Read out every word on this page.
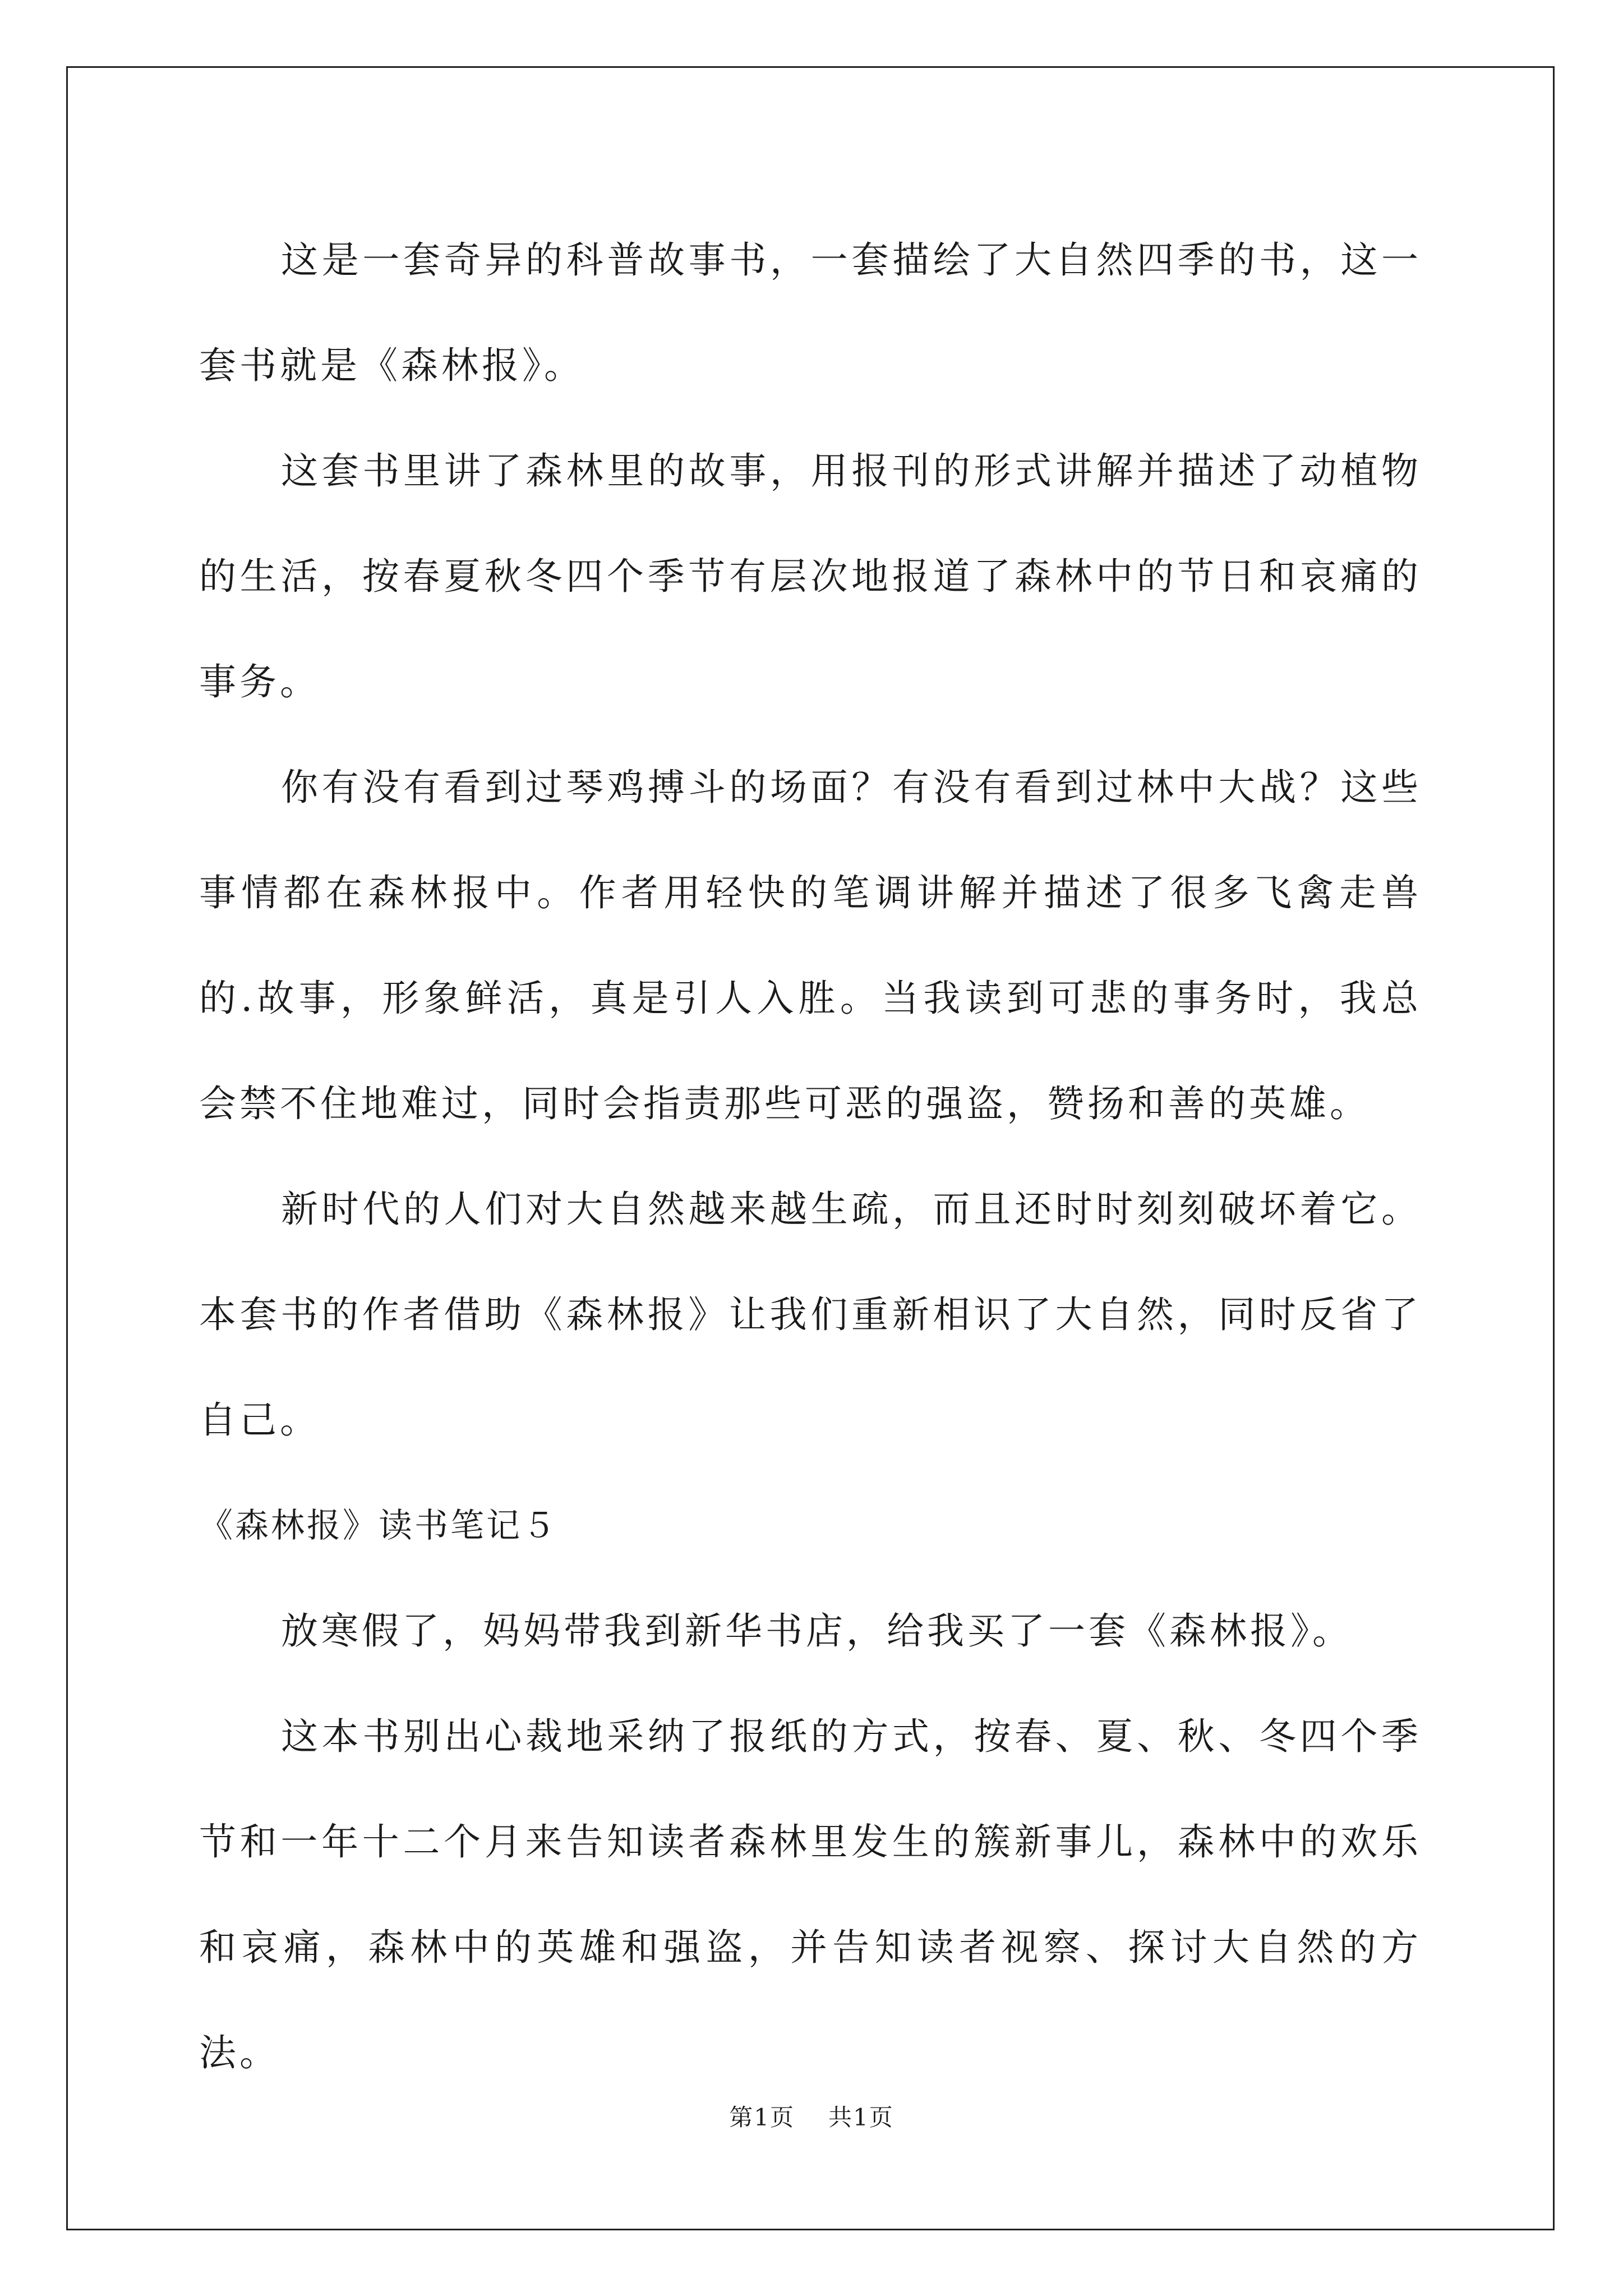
这是一套奇异的科普故事书，一套描绘了大自然四季的书，这一套书就是《森林报》。

这套书里讲了森林里的故事，用报刊的形式讲解并描述了动植物的生活，按春夏秋冬四个季节有层次地报道了森林中的节日和哀痛的事务。

你有没有看到过琴鸡搏斗的场面？有没有看到过林中大战？这些事情都在森林报中。作者用轻快的笔调讲解并描述了很多飞禽走兽的.故事，形象鲜活，真是引人入胜。当我读到可悲的事务时，我总会禁不住地难过，同时会指责那些可恶的强盗，赞扬和善的英雄。

新时代的人们对大自然越来越生疏，而且还时时刻刻破坏着它。本套书的作者借助《森林报》让我们重新相识了大自然，同时反省了自己。

《森林报》读书笔记５

放寒假了，妈妈带我到新华书店，给我买了一套《森林报》。

这本书别出心裁地采纳了报纸的方式，按春、夏、秋、冬四个季节和一年十二个月来告知读者森林里发生的簇新事儿，森林中的欢乐和哀痛，森林中的英雄和强盗，并告知读者视察、探讨大自然的方法。

第1页 共1页
